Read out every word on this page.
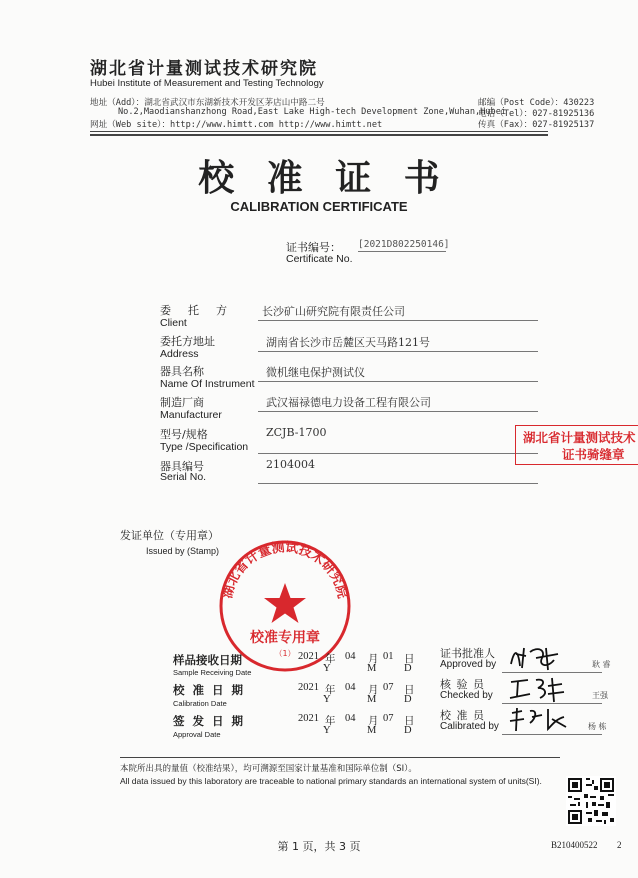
湖北省计量测试技术研究院
Hubei Institute of Measurement and Testing Technology
地址（Add）：湖北省武汉市东湖新技术开发区茅店山中路二号
No.2,Maodianshanzhong Road,East Lake High-tech Development Zone,Wuhan,Hubei
网址（Web site）：http://www.himtt.com http://www.himtt.net
邮编（Post Code）：430223
电话（Tel）：027-81925136
传真（Fax）：027-81925137
校 准 证 书
CALIBRATION CERTIFICATE
证书编号： [2021D802250146]
Certificate No.
委　托　方
Client
长沙矿山研究院有限责任公司
委托方地址
Address
湖南省长沙市岳麓区天马路121号
器具名称
Name Of Instrument
微机继电保护测试仪
制造厂商
Manufacturer
武汉福禄德电力设备工程有限公司
型号/规格
Type /Specification
ZCJB-1700
器具编号
Serial No.
2104004
湖北省计量测试技术
证书骑缝章
发证单位（专用章）
Issued by (Stamp)
湖北省计量测试技术研究院
校准专用章
（1）
样品接收日期
Sample Receiving Date
2021 年 04 月 01 日
Y	M	D
校 准 日 期
Calibration Date
2021 年 04 月 07 日
Y	M	D
签 发 日 期
Approval Date
2021 年 04 月 07 日
Y	M	D
证书批准人
Approved by	耿 睿
核 验 员
Checked by	王强
校 准 员
Calibrated by	杨 栋
本院所出具的量值（校准结果），均可溯源至国家计量基准和国际单位制（SI）。
All data issued by this laboratory are traceable to national primary standards an international system of units(SI).
第 1 页，共 3 页	B210400522 2
